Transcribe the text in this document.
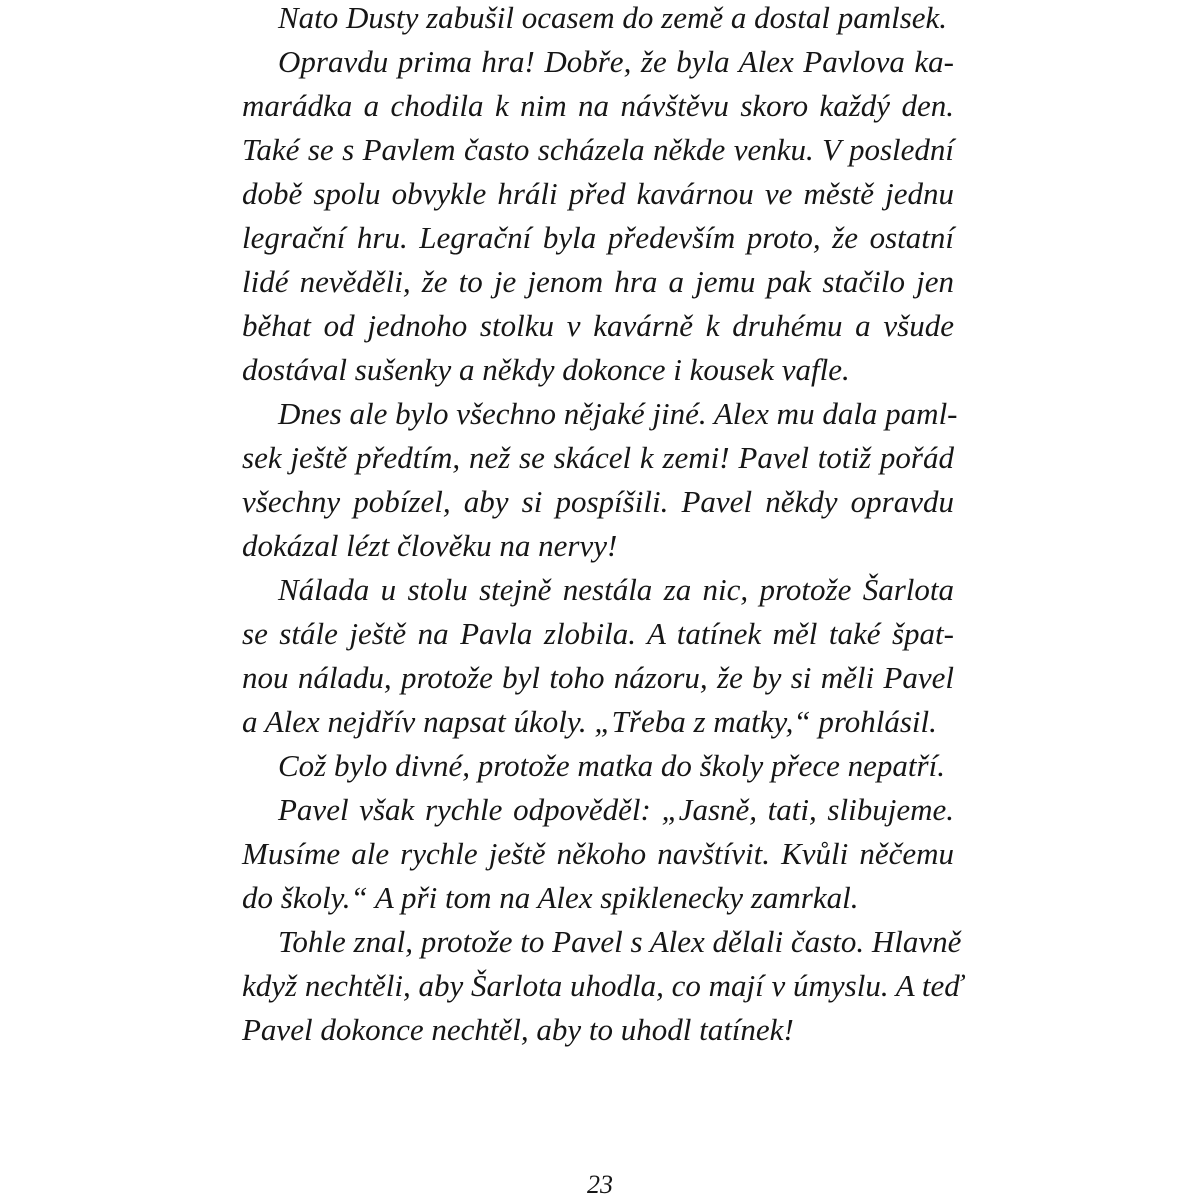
Nato Dusty zabušil ocasem do země a dostal pamlsek.
Opravdu prima hra! Dobře, že byla Alex Pavlova ka-
marádka a chodila k nim na návštěvu skoro každý den.
Také se s Pavlem často scházela někde venku. V poslední
době spolu obvykle hráli před kavárnou ve městě jednu
legrační hru. Legrační byla především proto, že ostatní
lidé nevěděli, že to je jenom hra a jemu pak stačilo jen
běhat od jednoho stolku v kavárně k druhému a všude
dostával sušenky a někdy dokonce i kousek vafle.
Dnes ale bylo všechno nějaké jiné. Alex mu dala paml-
sek ještě předtím, než se skácel k zemi! Pavel totiž pořád
všechny pobízel, aby si pospíšili. Pavel někdy opravdu
dokázal lézt člověku na nervy!
Nálada u stolu stejně nestála za nic, protože Šarlota
se stále ještě na Pavla zlobila. A tatínek měl také špat-
nou náladu, protože byl toho názoru, že by si měli Pavel
a Alex nejdřív napsat úkoly. „Třeba z matky,“ prohlásil.
Což bylo divné, protože matka do školy přece nepatří.
Pavel však rychle odpověděl: „Jasně, tati, slibujeme.
Musíme ale rychle ještě někoho navštívit. Kvůli něčemu
do školy.“ A při tom na Alex spiklenecky zamrkal.
Tohle znal, protože to Pavel s Alex dělali často. Hlavně
když nechtěli, aby Šarlota uhodla, co mají v úmyslu. A teď
Pavel dokonce nechtěl, aby to uhodl tatínek!
23
